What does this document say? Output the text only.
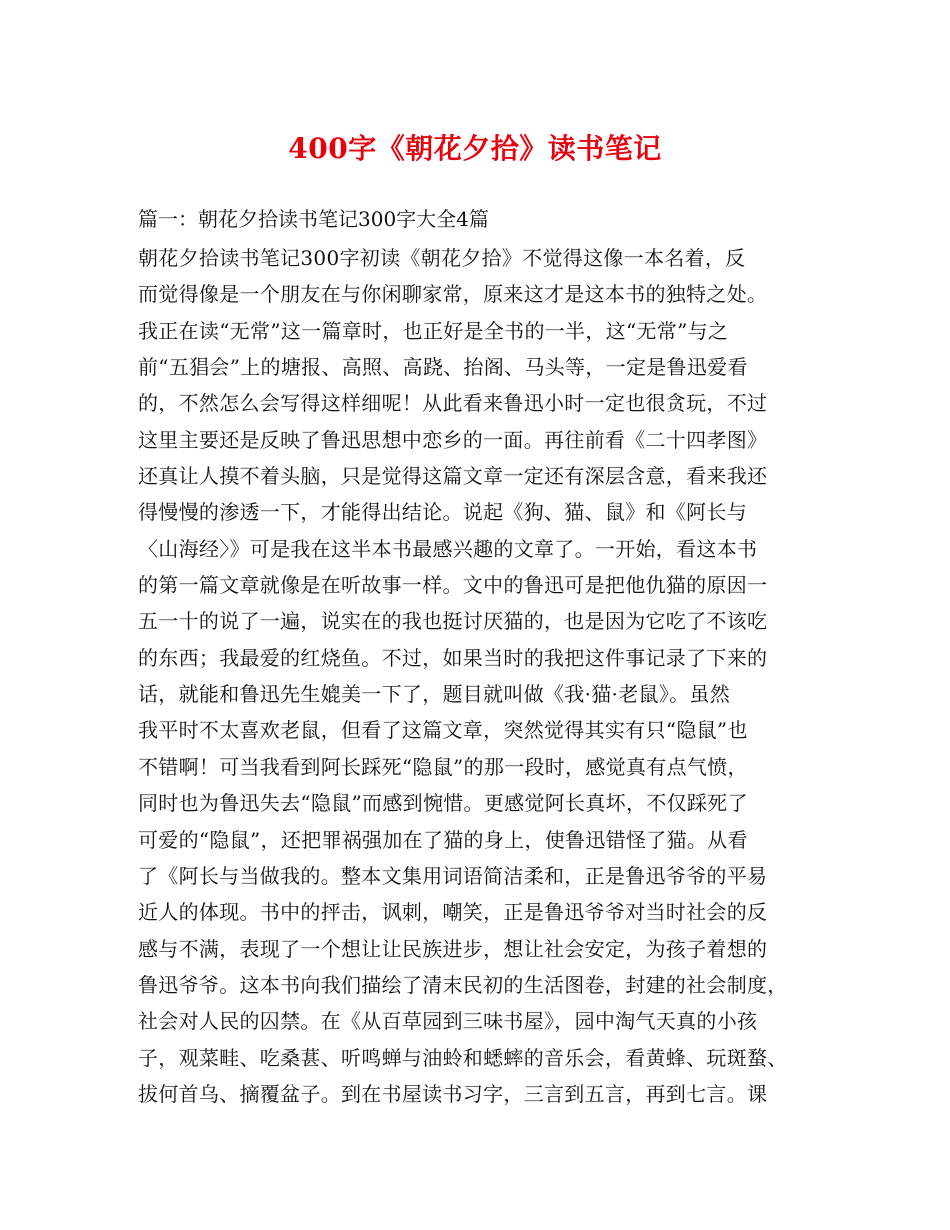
400字《朝花夕拾》读书笔记

篇一：朝花夕拾读书笔记300字大全4篇

朝花夕拾读书笔记300字初读《朝花夕拾》不觉得这像一本名着，反
而觉得像是一个朋友在与你闲聊家常，原来这才是这本书的独特之处。
我正在读“无常”这一篇章时，也正好是全书的一半，这“无常”与之
前“五猖会”上的塘报、高照、高跷、抬阁、马头等，一定是鲁迅爱看
的，不然怎么会写得这样细呢！从此看来鲁迅小时一定也很贪玩，不过
这里主要还是反映了鲁迅思想中恋乡的一面。再往前看《二十四孝图》
还真让人摸不着头脑，只是觉得这篇文章一定还有深层含意，看来我还
得慢慢的渗透一下，才能得出结论。说起《狗、猫、鼠》和《阿长与
〈山海经〉》可是我在这半本书最感兴趣的文章了。一开始，看这本书
的第一篇文章就像是在听故事一样。文中的鲁迅可是把他仇猫的原因一
五一十的说了一遍，说实在的我也挺讨厌猫的，也是因为它吃了不该吃
的东西；我最爱的红烧鱼。不过，如果当时的我把这件事记录了下来的
话，就能和鲁迅先生媲美一下了，题目就叫做《我·猫·老鼠》。虽然
我平时不太喜欢老鼠，但看了这篇文章，突然觉得其实有只“隐鼠”也
不错啊！可当我看到阿长踩死“隐鼠”的那一段时，感觉真有点气愤，
同时也为鲁迅失去“隐鼠”而感到惋惜。更感觉阿长真坏，不仅踩死了
可爱的“隐鼠”，还把罪祸强加在了猫的身上，使鲁迅错怪了猫。从看
了《阿长与当做我的。整本文集用词语简洁柔和，正是鲁迅爷爷的平易
近人的体现。书中的抨击，讽刺，嘲笑，正是鲁迅爷爷对当时社会的反
感与不满，表现了一个想让让民族进步，想让社会安定，为孩子着想的
鲁迅爷爷。这本书向我们描绘了清末民初的生活图卷，封建的社会制度，
社会对人民的囚禁。在《从百草园到三味书屋》，园中淘气天真的小孩
子，观菜畦、吃桑葚、听鸣蝉与油蛉和蟋蟀的音乐会，看黄蜂、玩斑蝥、
拔何首乌、摘覆盆子。到在书屋读书习字，三言到五言，再到七言。课
